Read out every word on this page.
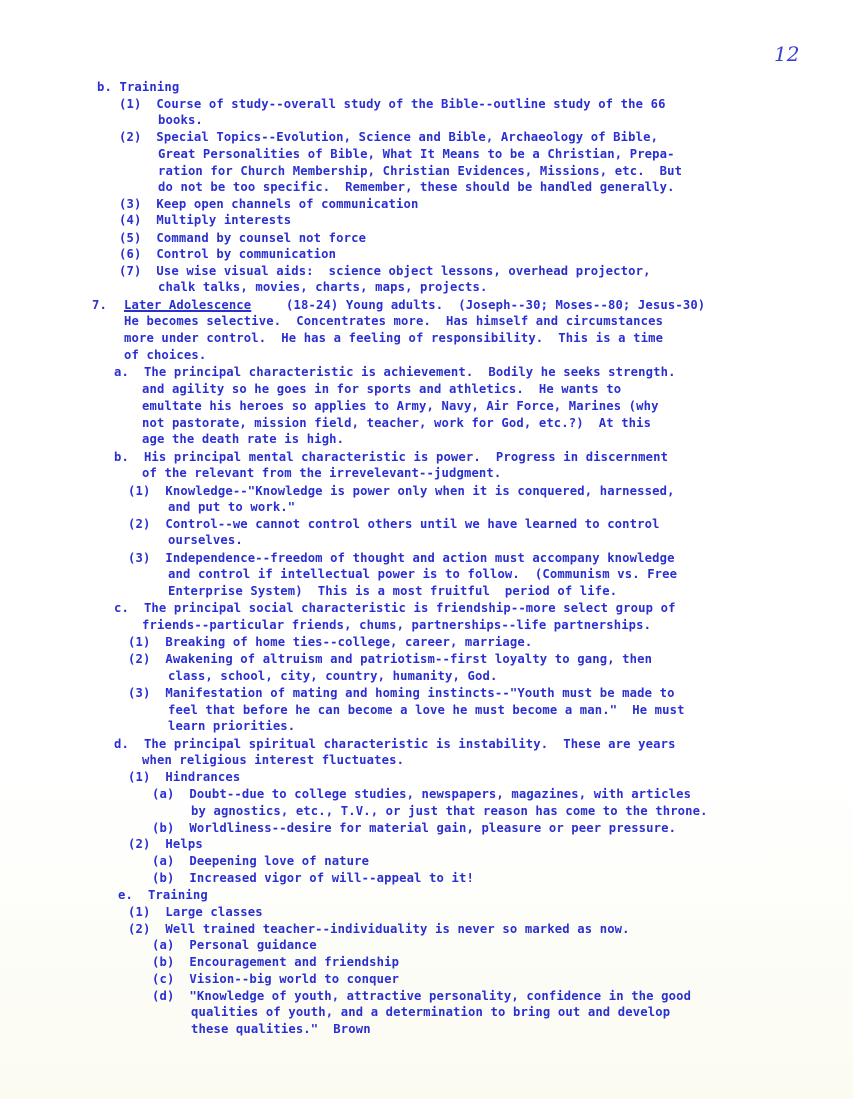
12
b. Training
(1)  Course of study--overall study of the Bible--outline study of the 66
books.
(2)  Special Topics--Evolution, Science and Bible, Archaeology of Bible,
Great Personalities of Bible, What It Means to be a Christian, Prepa-
ration for Church Membership, Christian Evidences, Missions, etc.  But
do not be too specific.  Remember, these should be handled generally.
(3)  Keep open channels of communication
(4)  Multiply interests
(5)  Command by counsel not force
(6)  Control by communication
(7)  Use wise visual aids:  science object lessons, overhead projector,
chalk talks, movies, charts, maps, projects.
7. Later Adolescence	(18-24) Young adults.  (Joseph--30; Moses--80; Jesus-30)
He becomes selective.  Concentrates more.  Has himself and circumstances
more under control.  He has a feeling of responsibility.  This is a time
of choices.
a.  The principal characteristic is achievement.  Bodily he seeks strength.
and agility so he goes in for sports and athletics.  He wants to
emultate his heroes so applies to Army, Navy, Air Force, Marines (why
not pastorate, mission field, teacher, work for God, etc.?)  At this
age the death rate is high.
b.  His principal mental characteristic is power.  Progress in discernment
of the relevant from the irrevelevant--judgment.
(1)  Knowledge--"Knowledge is power only when it is conquered, harnessed,
and put to work."
(2)  Control--we cannot control others until we have learned to control
ourselves.
(3)  Independence--freedom of thought and action must accompany knowledge
and control if intellectual power is to follow.  (Communism vs. Free
Enterprise System)  This is a most fruitful  period of life.
c.  The principal social characteristic is friendship--more select group of
friends--particular friends, chums, partnerships--life partnerships.
(1)  Breaking of home ties--college, career, marriage.
(2)  Awakening of altruism and patriotism--first loyalty to gang, then
class, school, city, country, humanity, God.
(3)  Manifestation of mating and homing instincts--"Youth must be made to
feel that before he can become a love he must become a man."  He must
learn priorities.
d.  The principal spiritual characteristic is instability.  These are years
when religious interest fluctuates.
(1)  Hindrances
(a)  Doubt--due to college studies, newspapers, magazines, with articles
by agnostics, etc., T.V., or just that reason has come to the throne.
(b)  Worldliness--desire for material gain, pleasure or peer pressure.
(2)  Helps
(a)  Deepening love of nature
(b)  Increased vigor of will--appeal to it!
e.  Training
(1)  Large classes
(2)  Well trained teacher--individuality is never so marked as now.
(a)  Personal guidance
(b)  Encouragement and friendship
(c)  Vision--big world to conquer
(d)  "Knowledge of youth, attractive personality, confidence in the good
qualities of youth, and a determination to bring out and develop
these qualities."  Brown
